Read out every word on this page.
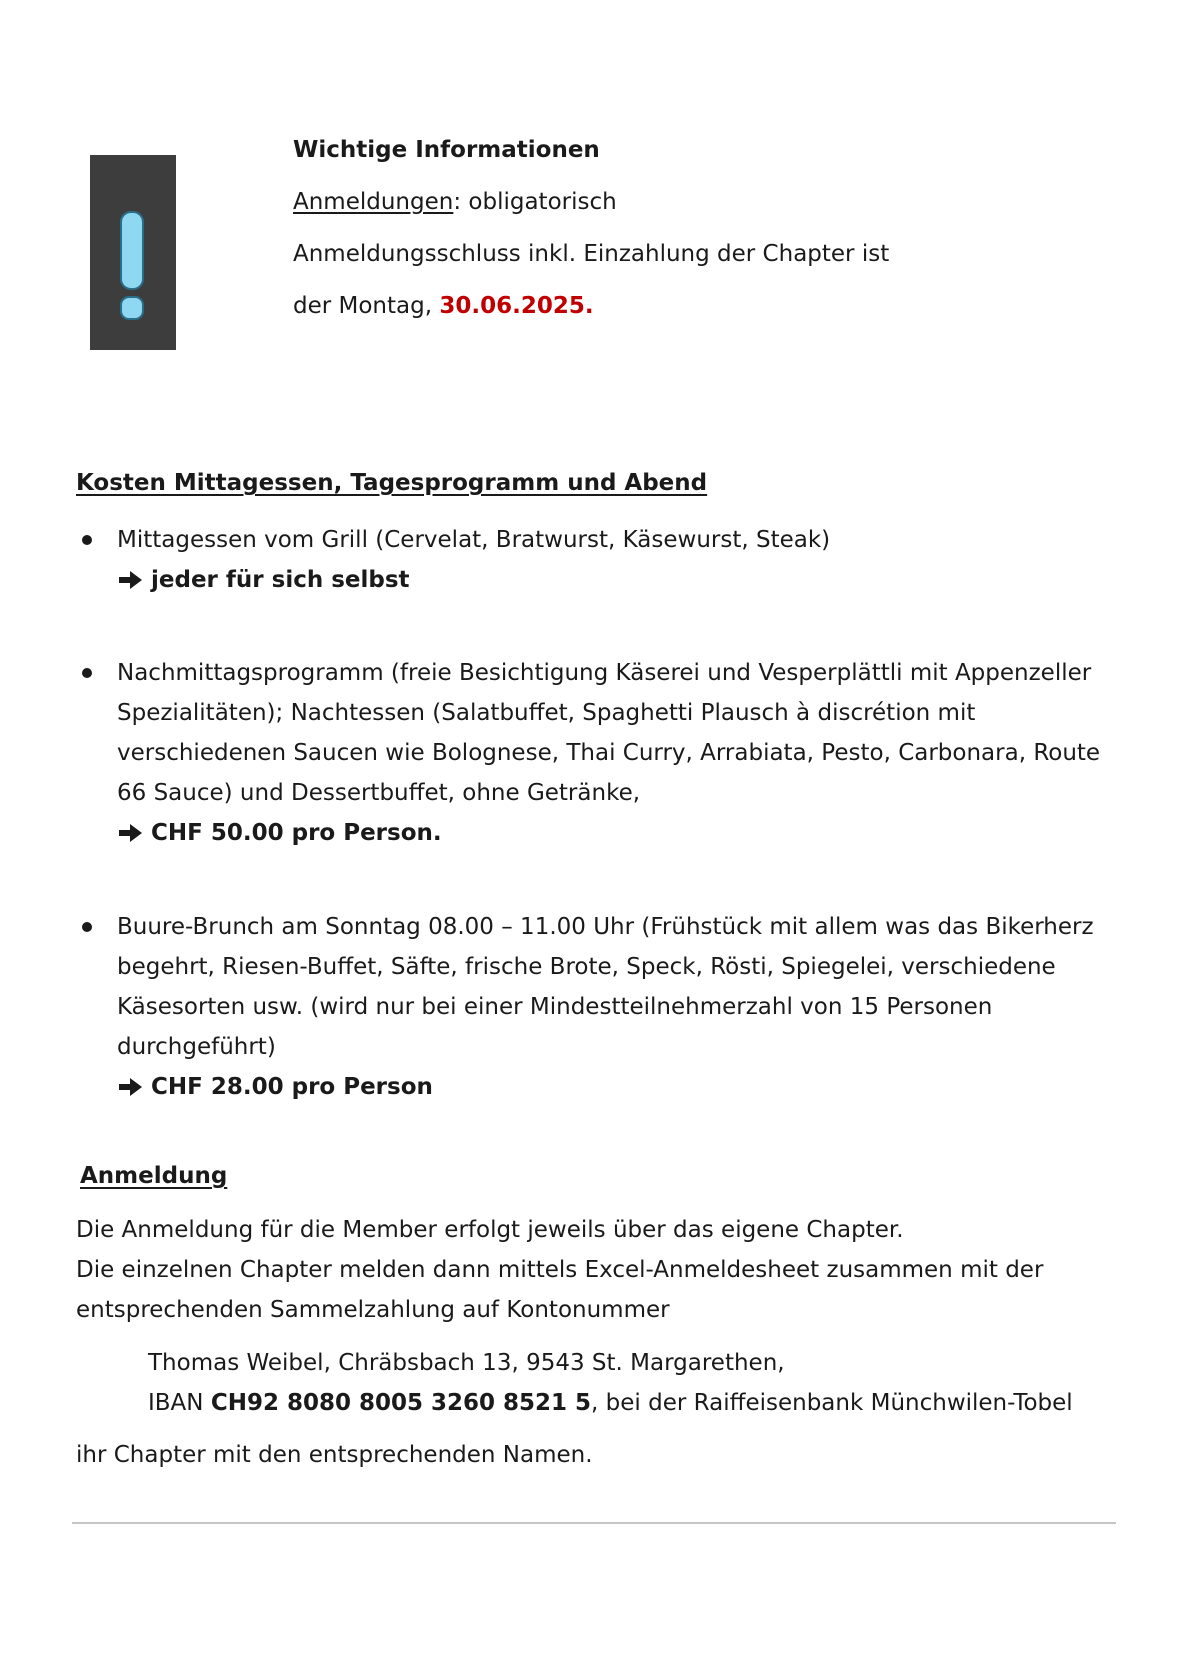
Wichtige Informationen
Anmeldungen: obligatorisch
Anmeldungsschluss inkl. Einzahlung der Chapter ist
der Montag, 30.06.2025.
Kosten Mittagessen, Tagesprogramm und Abend
Mittagessen vom Grill (Cervelat, Bratwurst, Käsewurst, Steak)
jeder für sich selbst
Nachmittagsprogramm (freie Besichtigung Käserei und Vesperplättli mit Appenzeller Spezialitäten); Nachtessen (Salatbuffet, Spaghetti Plausch à discrétion mit verschiedenen Saucen wie Bolognese, Thai Curry, Arrabiata, Pesto, Carbonara, Route 66 Sauce) und Dessertbuffet, ohne Getränke,
CHF 50.00 pro Person.
Buure-Brunch am Sonntag 08.00 – 11.00 Uhr (Frühstück mit allem was das Bikerherz begehrt, Riesen-Buffet, Säfte, frische Brote, Speck, Rösti, Spiegelei, verschiedene Käsesorten usw. (wird nur bei einer Mindestteilnehmerzahl von 15 Personen durchgeführt)
CHF 28.00 pro Person
Anmeldung
Die Anmeldung für die Member erfolgt jeweils über das eigene Chapter.
Die einzelnen Chapter melden dann mittels Excel-Anmeldesheet zusammen mit der entsprechenden Sammelzahlung auf Kontonummer
Thomas Weibel, Chräbsbach 13, 9543 St. Margarethen,
IBAN CH92 8080 8005 3260 8521 5, bei der Raiffeisenbank Münchwilen-Tobel
ihr Chapter mit den entsprechenden Namen.
